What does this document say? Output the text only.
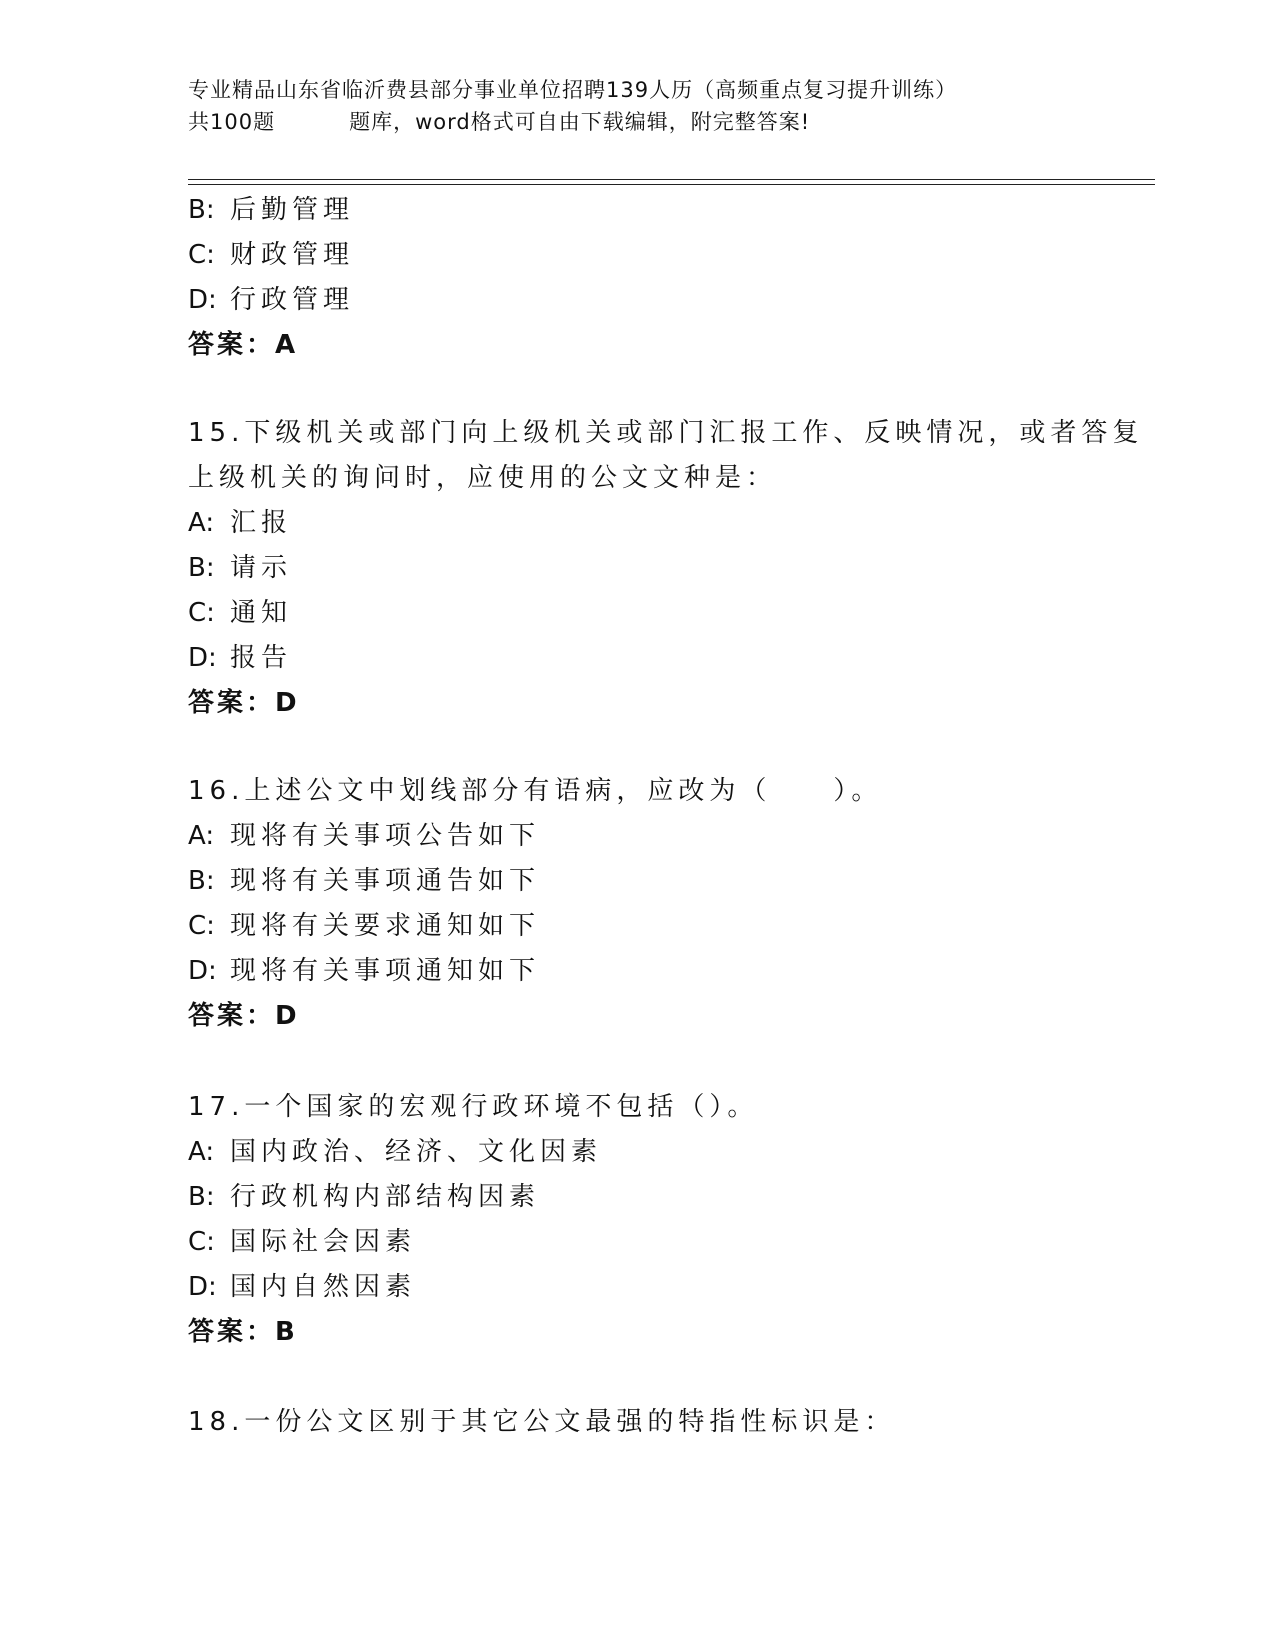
专业精品山东省临沂费县部分事业单位招聘139人历（高频重点复习提升训练）
共100题	题库，word格式可自由下载编辑，附完整答案!
B: 后勤管理
C: 财政管理
D: 行政管理
答案：A
15.下级机关或部门向上级机关或部门汇报工作、反映情况，或者答复
上级机关的询问时，应使用的公文文种是：
A: 汇报
B: 请示
C: 通知
D: 报告
答案：D
16.上述公文中划线部分有语病，应改为（　　）。
A: 现将有关事项公告如下
B: 现将有关事项通告如下
C: 现将有关要求通知如下
D: 现将有关事项通知如下
答案：D
17.一个国家的宏观行政环境不包括（）。
A: 国内政治、经济、文化因素
B: 行政机构内部结构因素
C: 国际社会因素
D: 国内自然因素
答案：B
18.一份公文区别于其它公文最强的特指性标识是：
